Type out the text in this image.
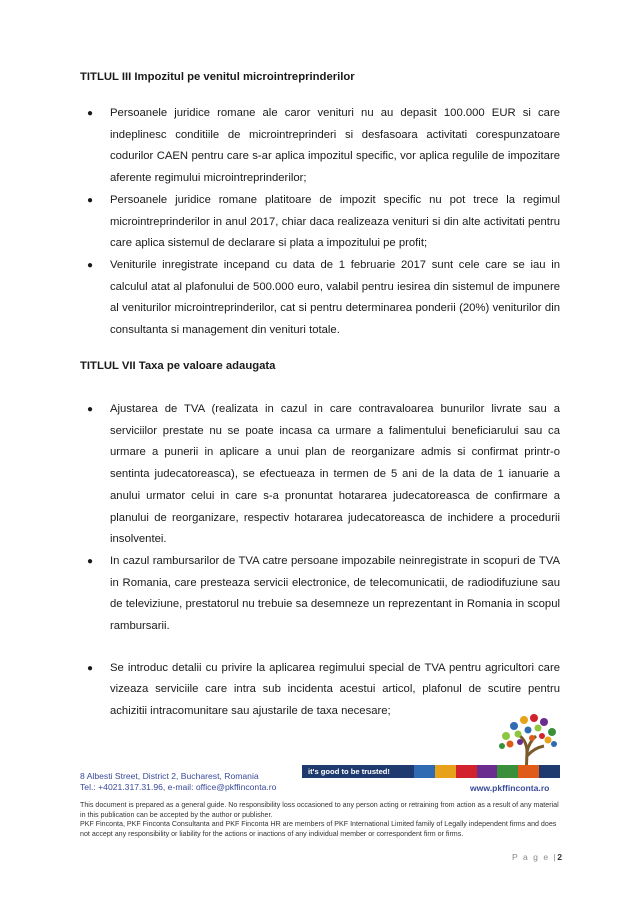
TITLUL III Impozitul pe venitul microintreprinderilor
● Persoanele juridice romane ale caror venituri nu au depasit 100.000 EUR si care indeplinesc conditiile de microintreprinderi si desfasoara activitati corespunzatoare codurilor CAEN pentru care s-ar aplica impozitul specific, vor aplica regulile de impozitare aferente regimului microintreprinderilor;
● Persoanele juridice romane platitoare de impozit specific nu pot trece la regimul microintreprinderilor in anul 2017, chiar daca realizeaza venituri si din alte activitati pentru care aplica sistemul de declarare si plata a impozitului pe profit;
● Veniturile inregistrate incepand cu data de 1 februarie 2017 sunt cele care se iau in calculul atat al plafonului de 500.000 euro, valabil pentru iesirea din sistemul de impunere al veniturilor microintreprinderilor, cat si pentru determinarea ponderii (20%) veniturilor din consultanta si management din venituri totale.
TITLUL VII Taxa pe valoare adaugata
● Ajustarea de TVA (realizata in cazul in care contravaloarea bunurilor livrate sau a serviciilor prestate nu se poate incasa ca urmare a falimentului beneficiarului sau ca urmare a punerii in aplicare a unui plan de reorganizare admis si confirmat printr-o sentinta judecatoreasca), se efectueaza in termen de 5 ani de la data de 1 ianuarie a anului urmator celui in care s-a pronuntat hotararea judecatoreasca de confirmare a planului de reorganizare, respectiv hotararea judecatoreasca de inchidere a procedurii insolventei.
● In cazul rambursarilor de TVA catre persoane impozabile neinregistrate in scopuri de TVA in Romania, care presteaza servicii electronice, de telecomunicatii, de radiodifuziune sau de televiziune, prestatorul nu trebuie sa desemneze un reprezentant in Romania in scopul rambursarii.
● Se introduc detalii cu privire la aplicarea regimului special de TVA pentru agricultori care vizeaza serviciile care intra sub incidenta acestui articol, plafonul de scutire pentru achizitii intracomunitare sau ajustarile de taxa necesare;
it's good to be trusted!
8 Albesti Street, District 2, Bucharest, Romania
Tel.: +4021.317.31.96, e-mail: office@pkffinconta.ro	www.pkffinconta.ro
This document is prepared as a general guide. No responsibility loss occasioned to any person acting or retraining from action as a result of any material in this publication can be accepted by the author or publisher.
PKF Finconta, PKF Finconta Consultanta and PKF Finconta HR are members of PKF International Limited family of Legally independent firms and does not accept any responsibility or liability for the actions or inactions of any individual member or correspondent firm or firms.
P a g e |2
